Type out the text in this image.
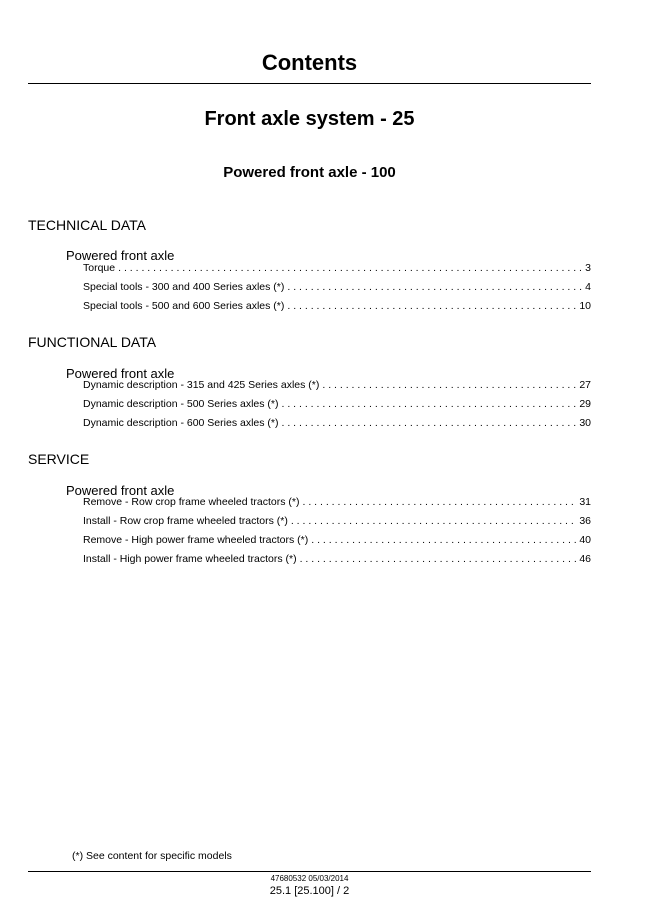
Contents
Front axle system - 25
Powered front axle - 100
TECHNICAL DATA
Powered front axle
Torque . . .	3
Special tools - 300 and 400 Series axles (*) . . .	4
Special tools - 500 and 600 Series axles (*) . . .	10
FUNCTIONAL DATA
Powered front axle
Dynamic description - 315 and 425 Series axles (*) . . .	27
Dynamic description - 500 Series axles (*) . . .	29
Dynamic description - 600 Series axles (*) . . .	30
SERVICE
Powered front axle
Remove - Row crop frame wheeled tractors (*) . . .	31
Install - Row crop frame wheeled tractors (*) . . .	36
Remove - High power frame wheeled tractors (*) . . .	40
Install - High power frame wheeled tractors (*) . . .	46
(*) See content for specific models
47680532 05/03/2014
25.1 [25.100] / 2
